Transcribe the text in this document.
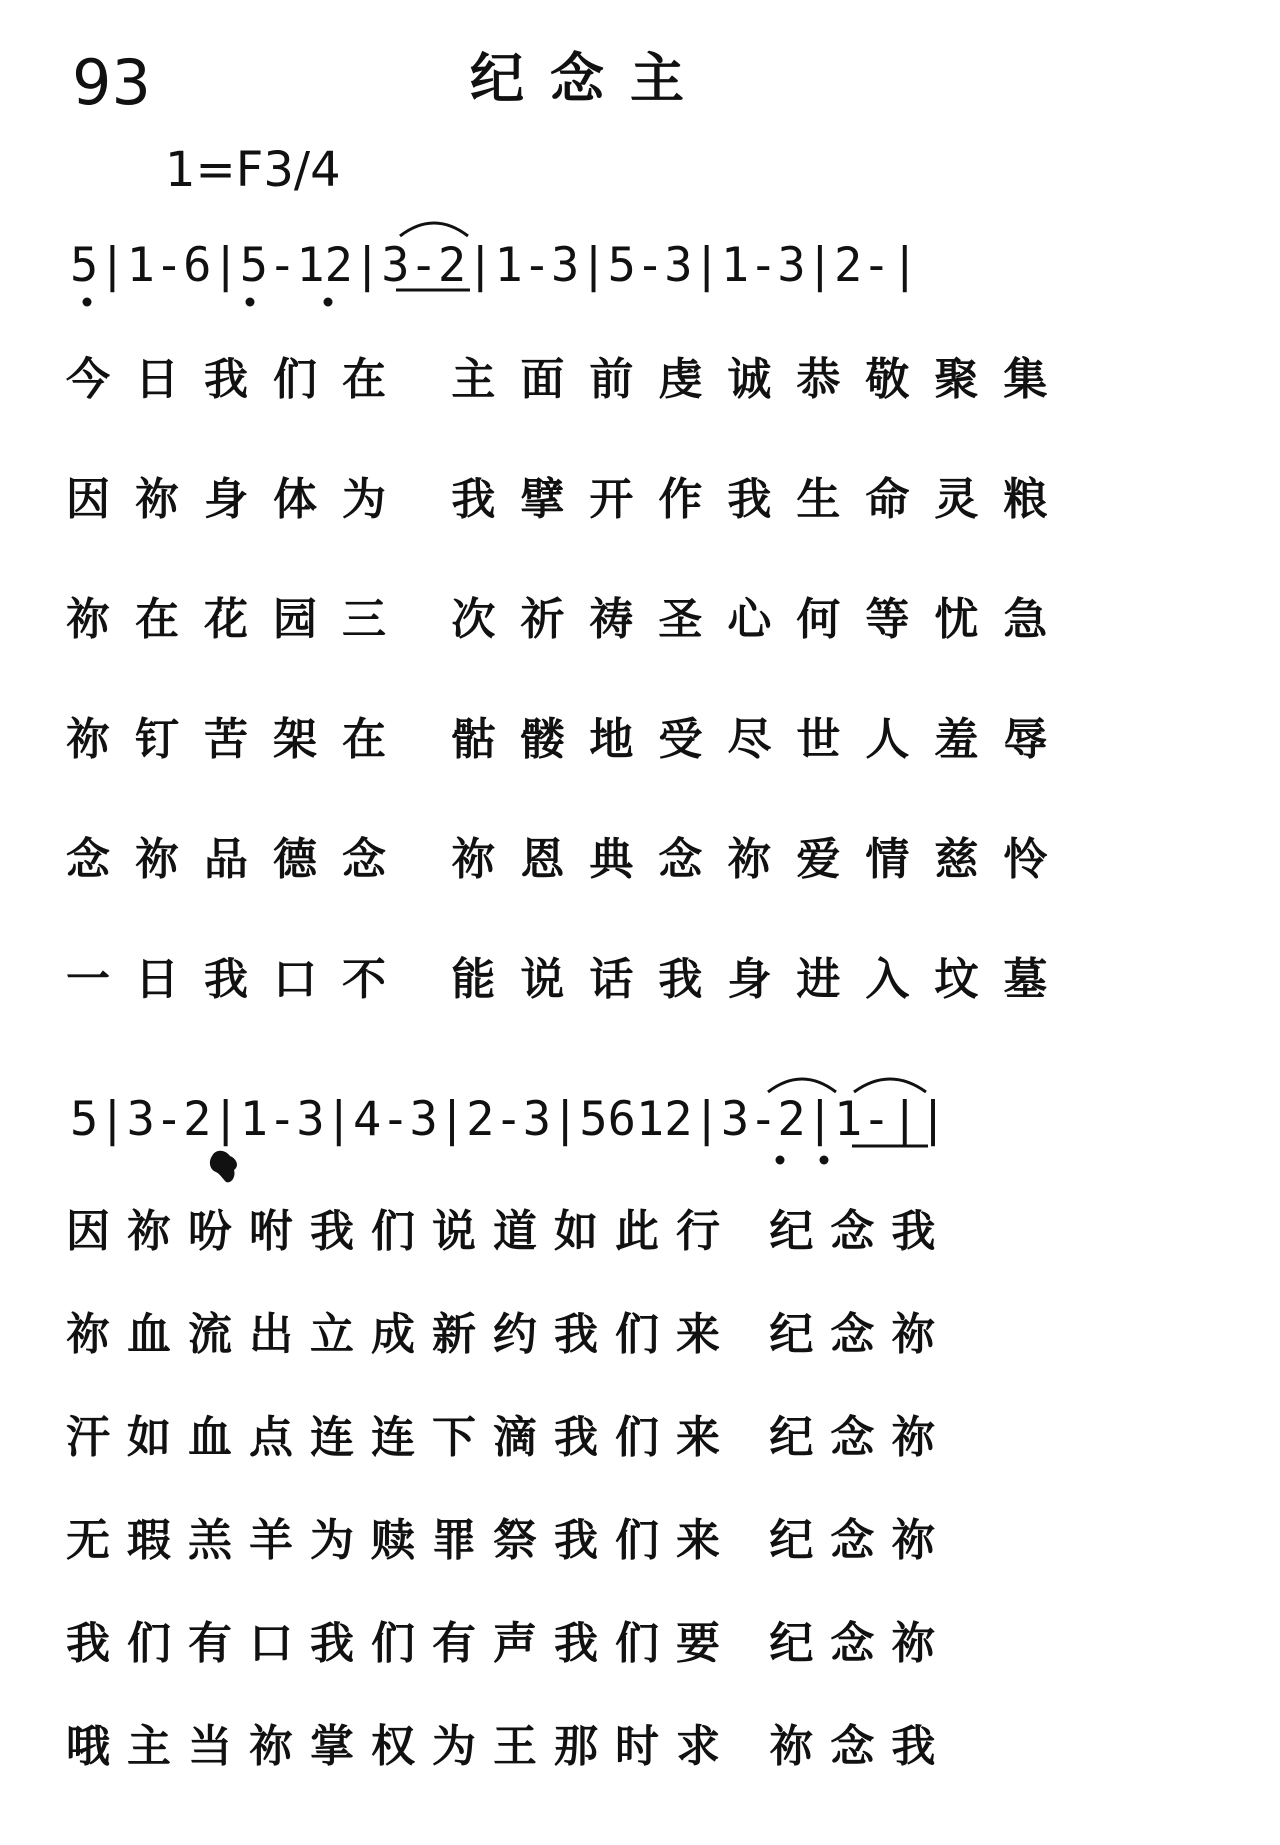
93	纪念主
1=F3/4
5|1-6|5-12|3-2|1-3|5-3|1-3|2-|
今日我们在 主面前虔诚恭敬聚集
因祢身体为 我擘开作我生命灵粮
祢在花园三 次祈祷圣心何等忧急
祢钉苦架在 骷髅地受尽世人羞辱
念祢品德念 祢恩典念祢爱情慈怜
一日我口不 能说话我身进入坟墓
5|3-2|1-3|4-3|2-3|5612|3-2|1-||
因祢吩咐我们说道如此行 纪念我
祢血流出立成新约我们来 纪念祢
汗如血点连连下滴我们来 纪念祢
无瑕羔羊为赎罪祭我们来 纪念祢
我们有口我们有声我们要 纪念祢
哦主当祢掌权为王那时求 祢念我
